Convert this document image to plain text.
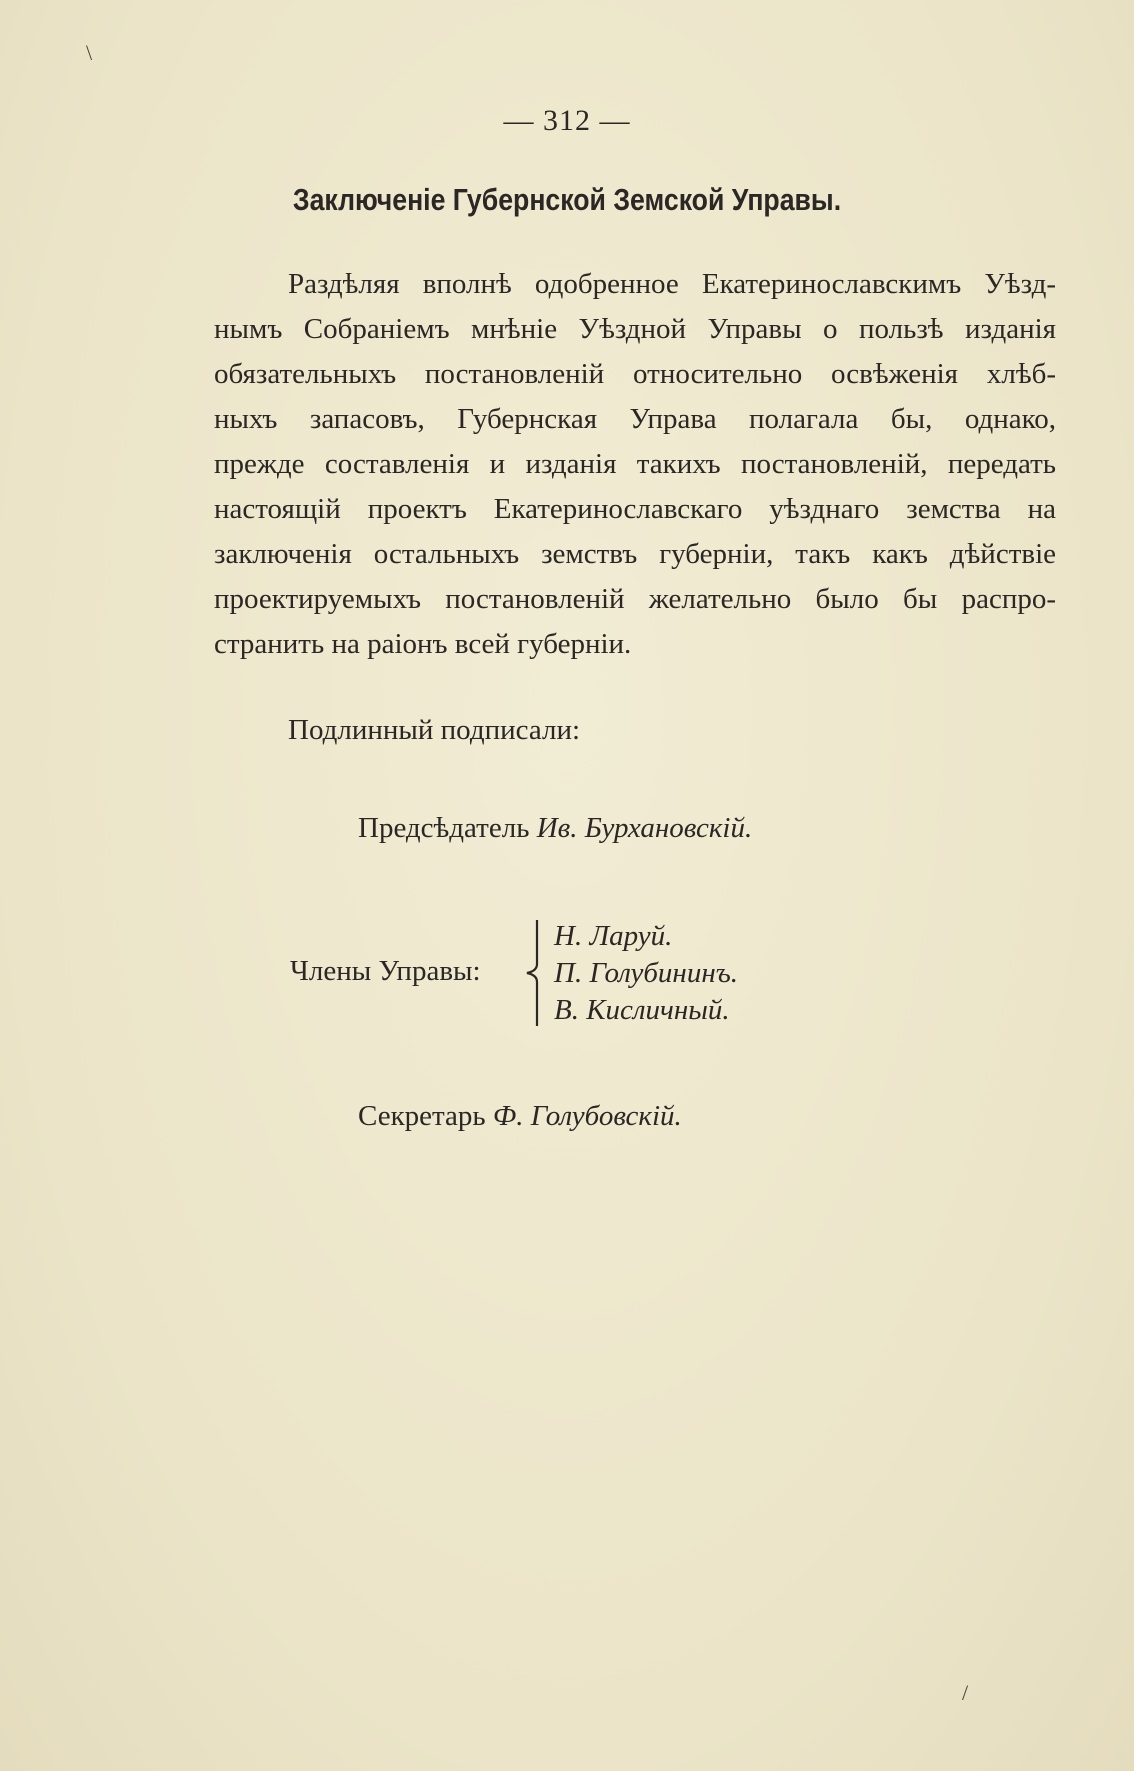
\
— 312 —
Заключеніе Губернской Земской Управы.
Раздѣляя вполнѣ одобренное Екатеринославскимъ Уѣзд-
нымъ Собраніемъ мнѣніе Уѣздной Управы о пользѣ изданія
обязательныхъ постановленій относительно освѣженія хлѣб-
ныхъ запасовъ, Губернская Управа полагала бы, однако,
прежде составленія и изданія такихъ постановленій, передать
настоящій проектъ Екатеринославскаго уѣзднаго земства на
заключенія остальныхъ земствъ губерніи, такъ какъ дѣйствіе
проектируемыхъ постановленій желательно было бы распро-
странить на раіонъ всей губерніи.
Подлинный подписали:
Предсѣдатель Ив. Бурхановскій.
Члены Управы:
Н. Ларуй.
П. Голубининъ.
В. Кисличный.
Секретарь Ф. Голубовскій.
/
